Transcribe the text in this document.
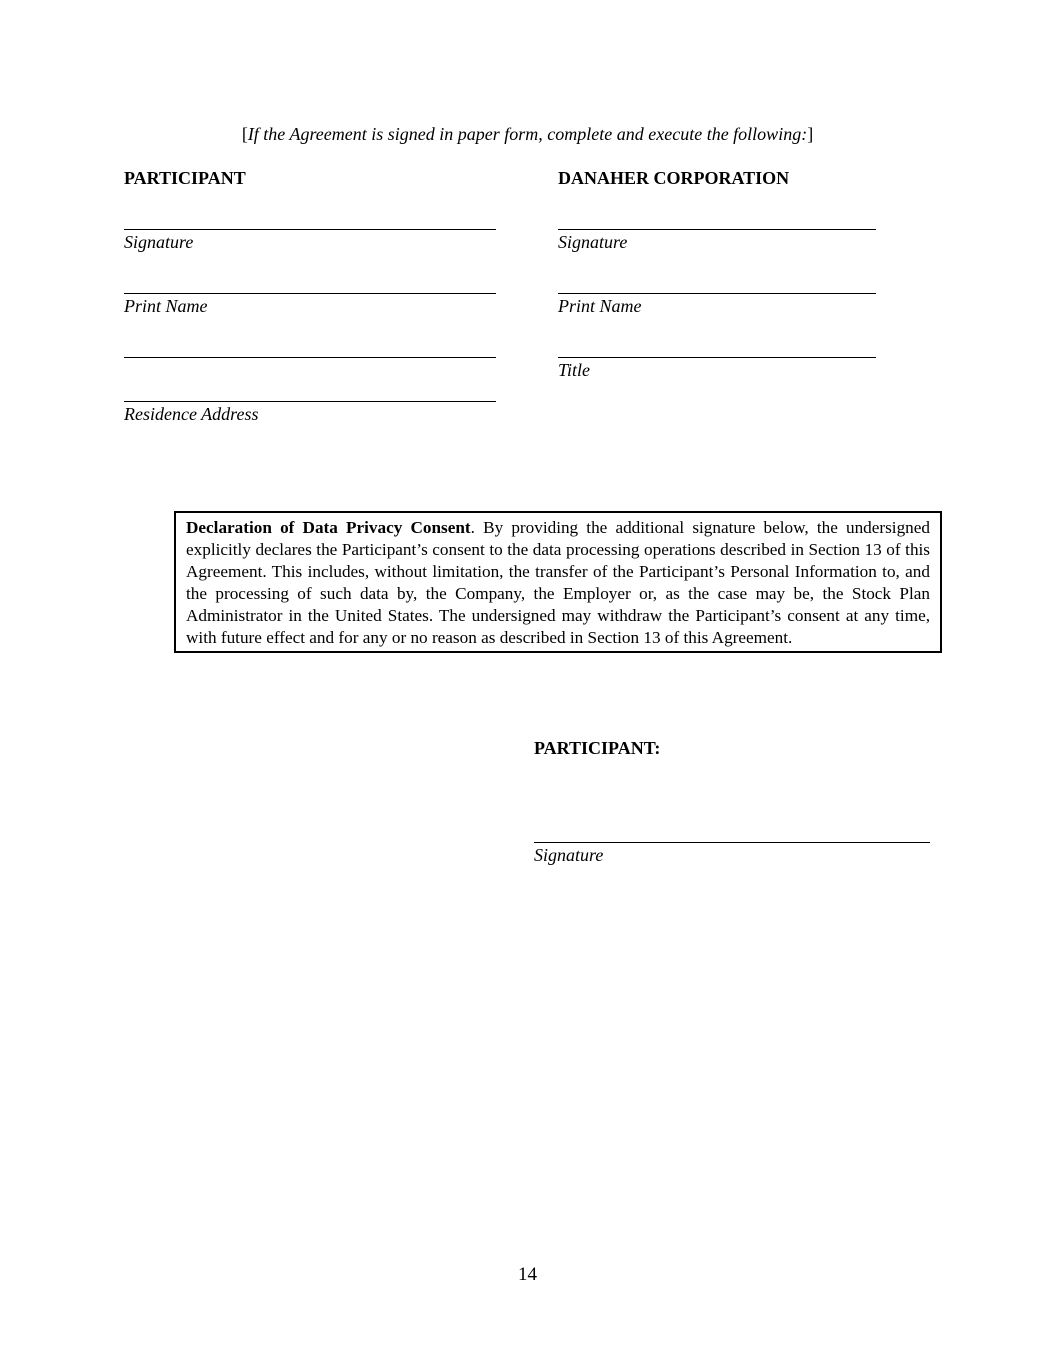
[If the Agreement is signed in paper form, complete and execute the following:]
PARTICIPANT
Signature
Print Name
Residence Address
DANAHER CORPORATION
Signature
Print Name
Title
Declaration of Data Privacy Consent. By providing the additional signature below, the undersigned explicitly declares the Participant’s consent to the data processing operations described in Section 13 of this Agreement. This includes, without limitation, the transfer of the Participant’s Personal Information to, and the processing of such data by, the Company, the Employer or, as the case may be, the Stock Plan Administrator in the United States. The undersigned may withdraw the Participant’s consent at any time, with future effect and for any or no reason as described in Section 13 of this Agreement.
PARTICIPANT:
Signature
14
